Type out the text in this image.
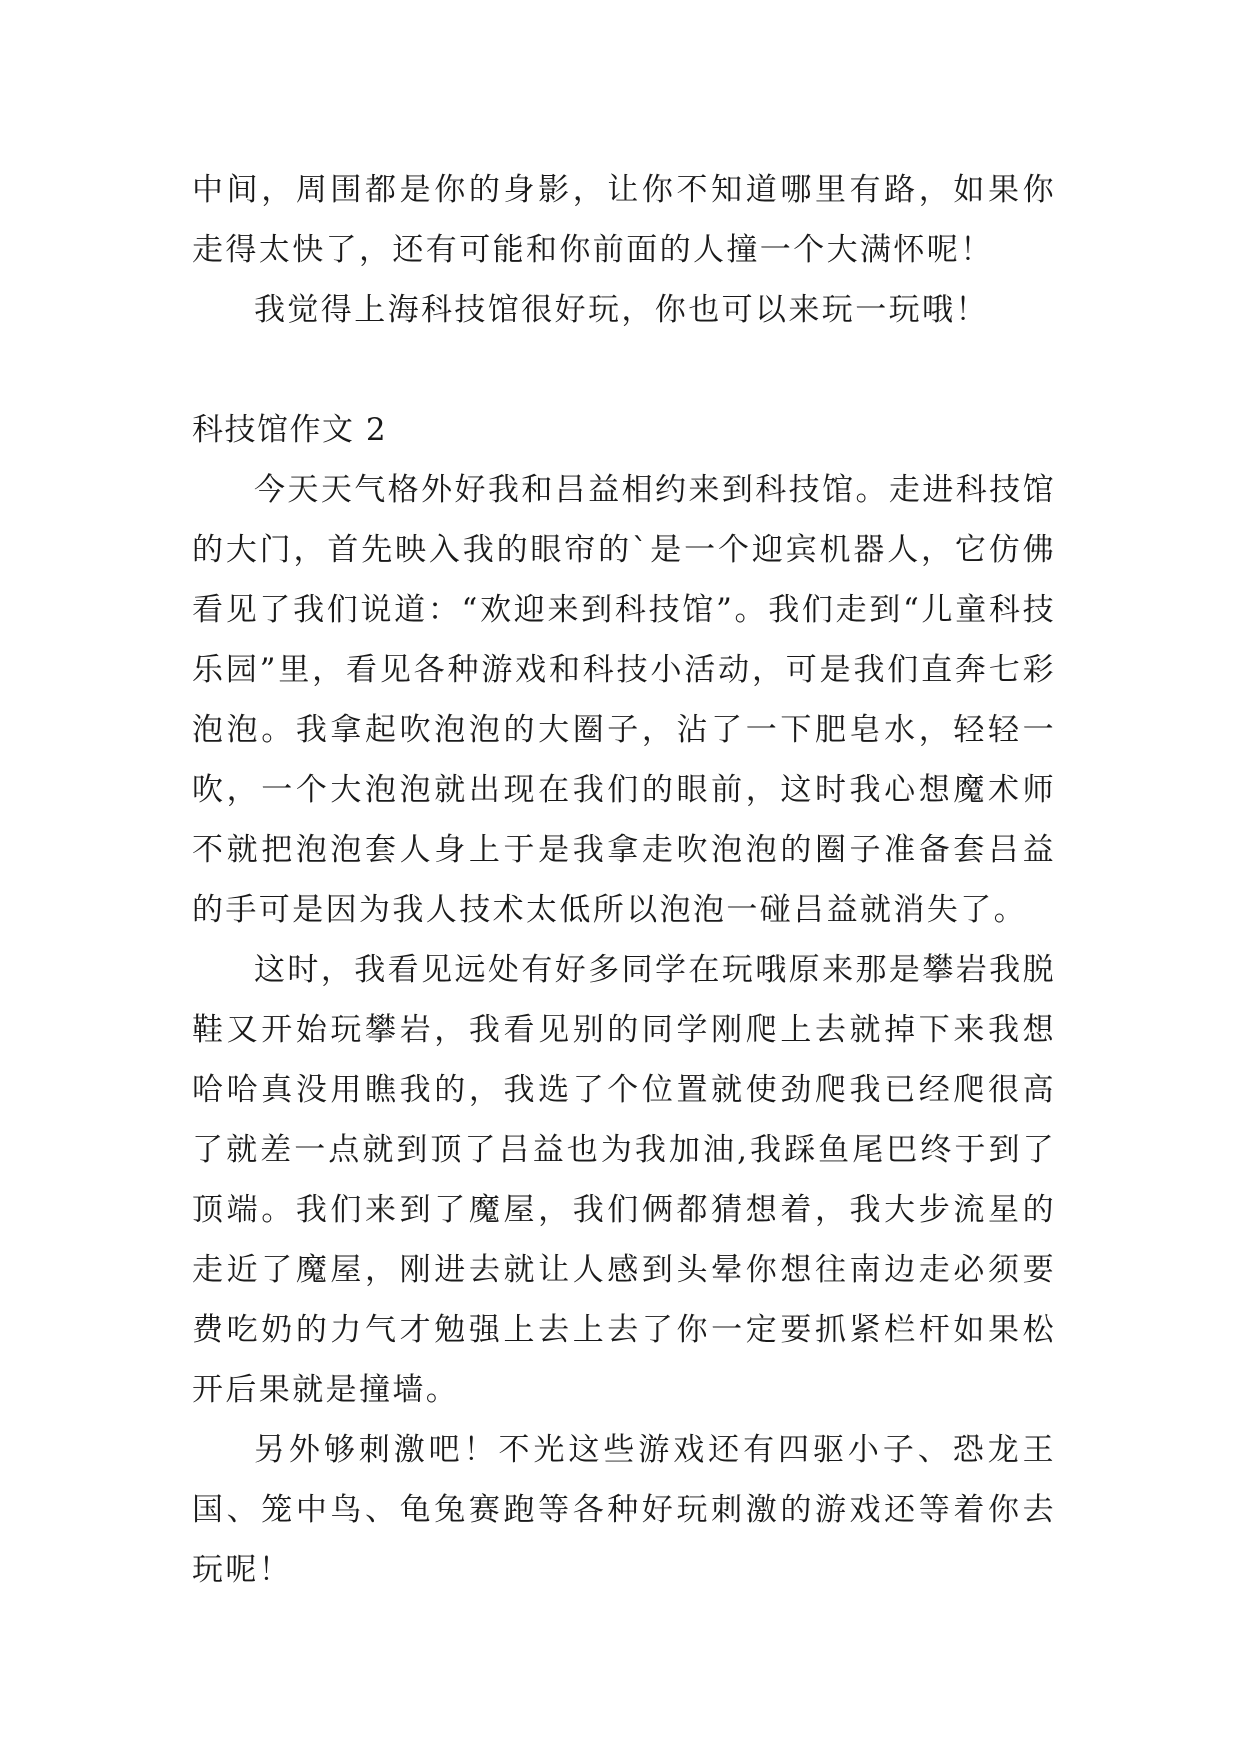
中间，周围都是你的身影，让你不知道哪里有路，如果你走得太快了，还有可能和你前面的人撞一个大满怀呢！

我觉得上海科技馆很好玩，你也可以来玩一玩哦！

科技馆作文 2

今天天气格外好我和吕益相约来到科技馆。走进科技馆的大门，首先映入我的眼帘的`是一个迎宾机器人，它仿佛看见了我们说道：“欢迎来到科技馆”。我们走到“儿童科技乐园”里，看见各种游戏和科技小活动，可是我们直奔七彩泡泡。我拿起吹泡泡的大圈子，沾了一下肥皂水，轻轻一吹，一个大泡泡就出现在我们的眼前，这时我心想魔术师不就把泡泡套人身上于是我拿走吹泡泡的圈子准备套吕益的手可是因为我人技术太低所以泡泡一碰吕益就消失了。

这时，我看见远处有好多同学在玩哦原来那是攀岩我脱鞋又开始玩攀岩，我看见别的同学刚爬上去就掉下来我想哈哈真没用瞧我的，我选了个位置就使劲爬我已经爬很高了就差一点就到顶了吕益也为我加油,我踩鱼尾巴终于到了顶端。我们来到了魔屋，我们俩都猜想着，我大步流星的走近了魔屋，刚进去就让人感到头晕你想往南边走必须要费吃奶的力气才勉强上去上去了你一定要抓紧栏杆如果松开后果就是撞墙。

另外够刺激吧！不光这些游戏还有四驱小子、恐龙王国、笼中鸟、龟兔赛跑等各种好玩刺激的游戏还等着你去玩呢！
